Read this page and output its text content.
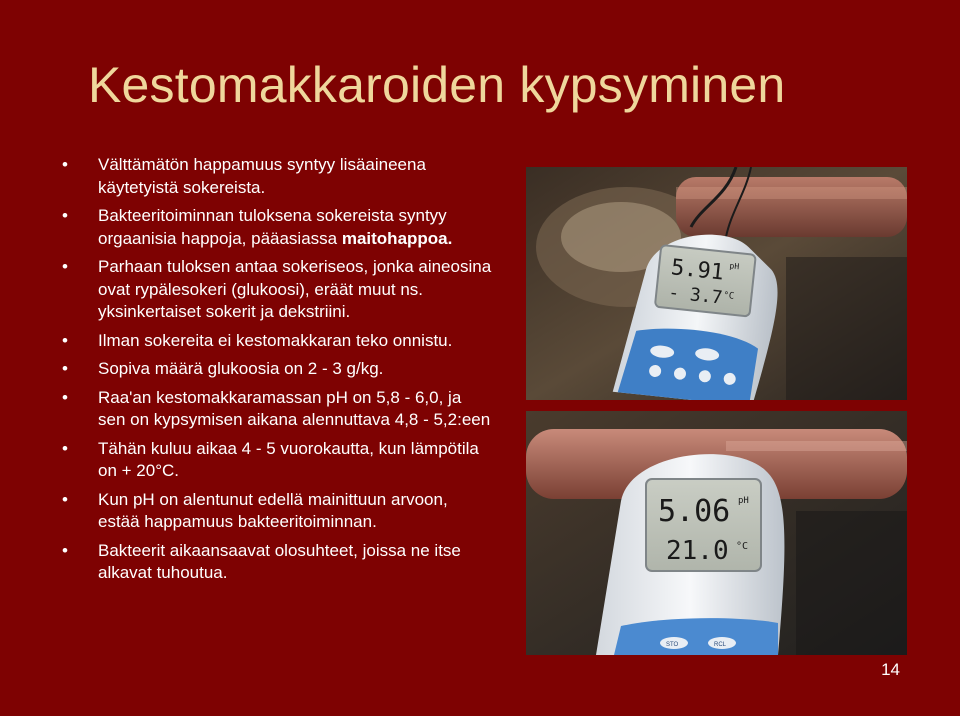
Kestomakkaroiden kypsyminen
• Välttämätön happamuus syntyy lisäaineena käytetyistä sokereista.
• Bakteeritoiminnan tuloksena sokereista syntyy orgaanisia happoja, pääasiassa maitohappoa.
• Parhaan tuloksen antaa sokeriseos, jonka aineosina ovat rypälesokeri (glukoosi), eräät muut ns. yksinkertaiset sokerit ja dekstriini.
• Ilman sokereita ei kestomakkaran teko onnistu.
• Sopiva määrä glukoosia on 2 - 3 g/kg.
• Raa'an kestomakkaramassan pH on 5,8 - 6,0, ja sen on kypsymisen aikana alennuttava 4,8 - 5,2:een
• Tähän kuluu aikaa 4 - 5 vuorokautta, kun lämpötila on + 20°C.
• Kun pH on alentunut edellä mainittuun arvoon, estää happamuus bakteeritoiminnan.
• Bakteerit aikaansaavat olosuhteet, joissa ne itse alkavat tuhoutua.
5.91 pH
- 3.7 °C
5.06 pH
21.0 °C
STO	RCL
14
